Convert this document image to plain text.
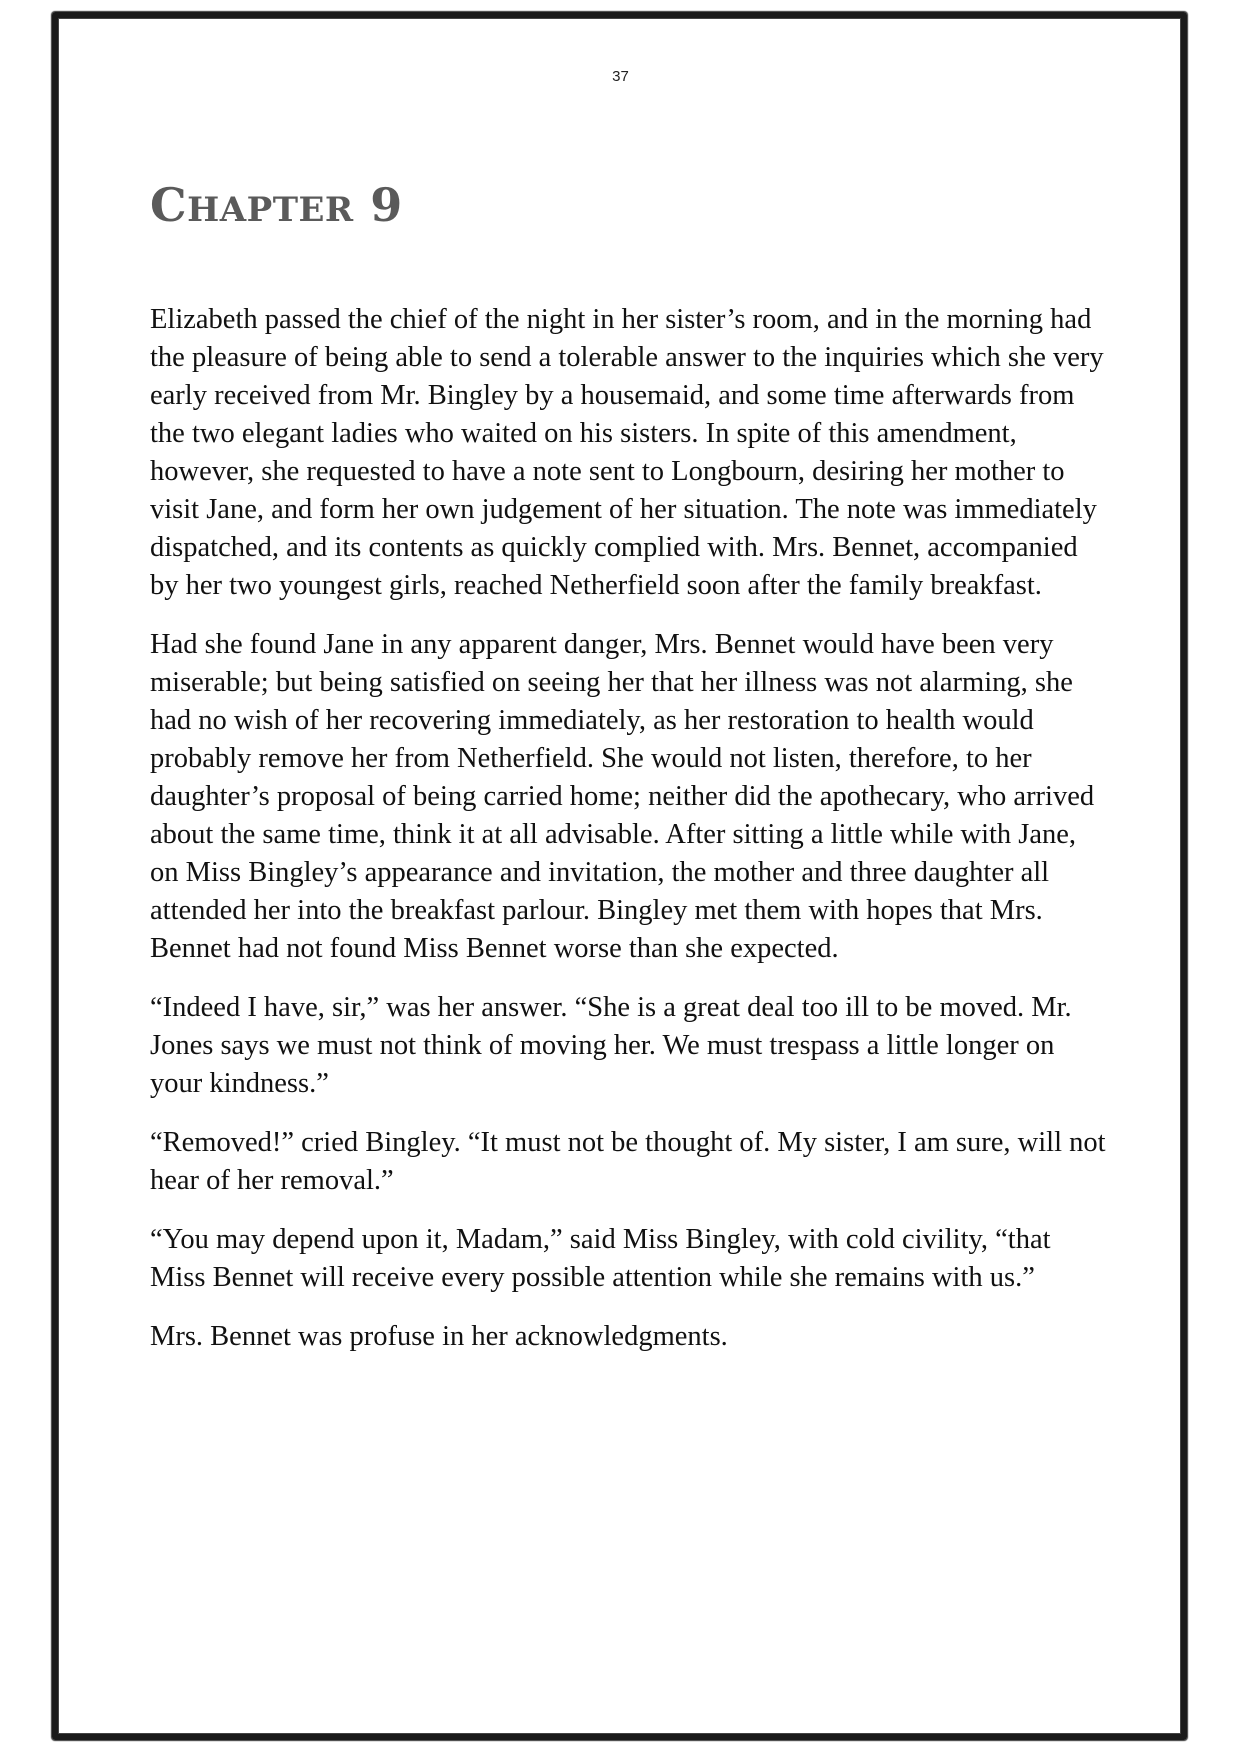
37
CHAPTER 9

Elizabeth passed the chief of the night in her sister’s room, and in the morning had the pleasure of being able to send a tolerable answer to the inquiries which she very early received from Mr. Bingley by a housemaid, and some time afterwards from the two elegant ladies who waited on his sisters. In spite of this amendment, however, she requested to have a note sent to Longbourn, desiring her mother to visit Jane, and form her own judgement of her situation. The note was immediately dispatched, and its contents as quickly complied with. Mrs. Bennet, accompanied by her two youngest girls, reached Netherfield soon after the family breakfast.

Had she found Jane in any apparent danger, Mrs. Bennet would have been very miserable; but being satisfied on seeing her that her illness was not alarming, she had no wish of her recovering immediately, as her restoration to health would probably remove her from Netherfield. She would not listen, therefore, to her daughter’s proposal of being carried home; neither did the apothecary, who arrived about the same time, think it at all advisable. After sitting a little while with Jane, on Miss Bingley’s appearance and invitation, the mother and three daughter all attended her into the breakfast parlour. Bingley met them with hopes that Mrs. Bennet had not found Miss Bennet worse than she expected.

“Indeed I have, sir,” was her answer. “She is a great deal too ill to be moved. Mr. Jones says we must not think of moving her. We must trespass a little longer on your kindness.”

“Removed!” cried Bingley. “It must not be thought of. My sister, I am sure, will not hear of her removal.”

“You may depend upon it, Madam,” said Miss Bingley, with cold civility, “that Miss Bennet will receive every possible attention while she remains with us.”

Mrs. Bennet was profuse in her acknowledgments.
